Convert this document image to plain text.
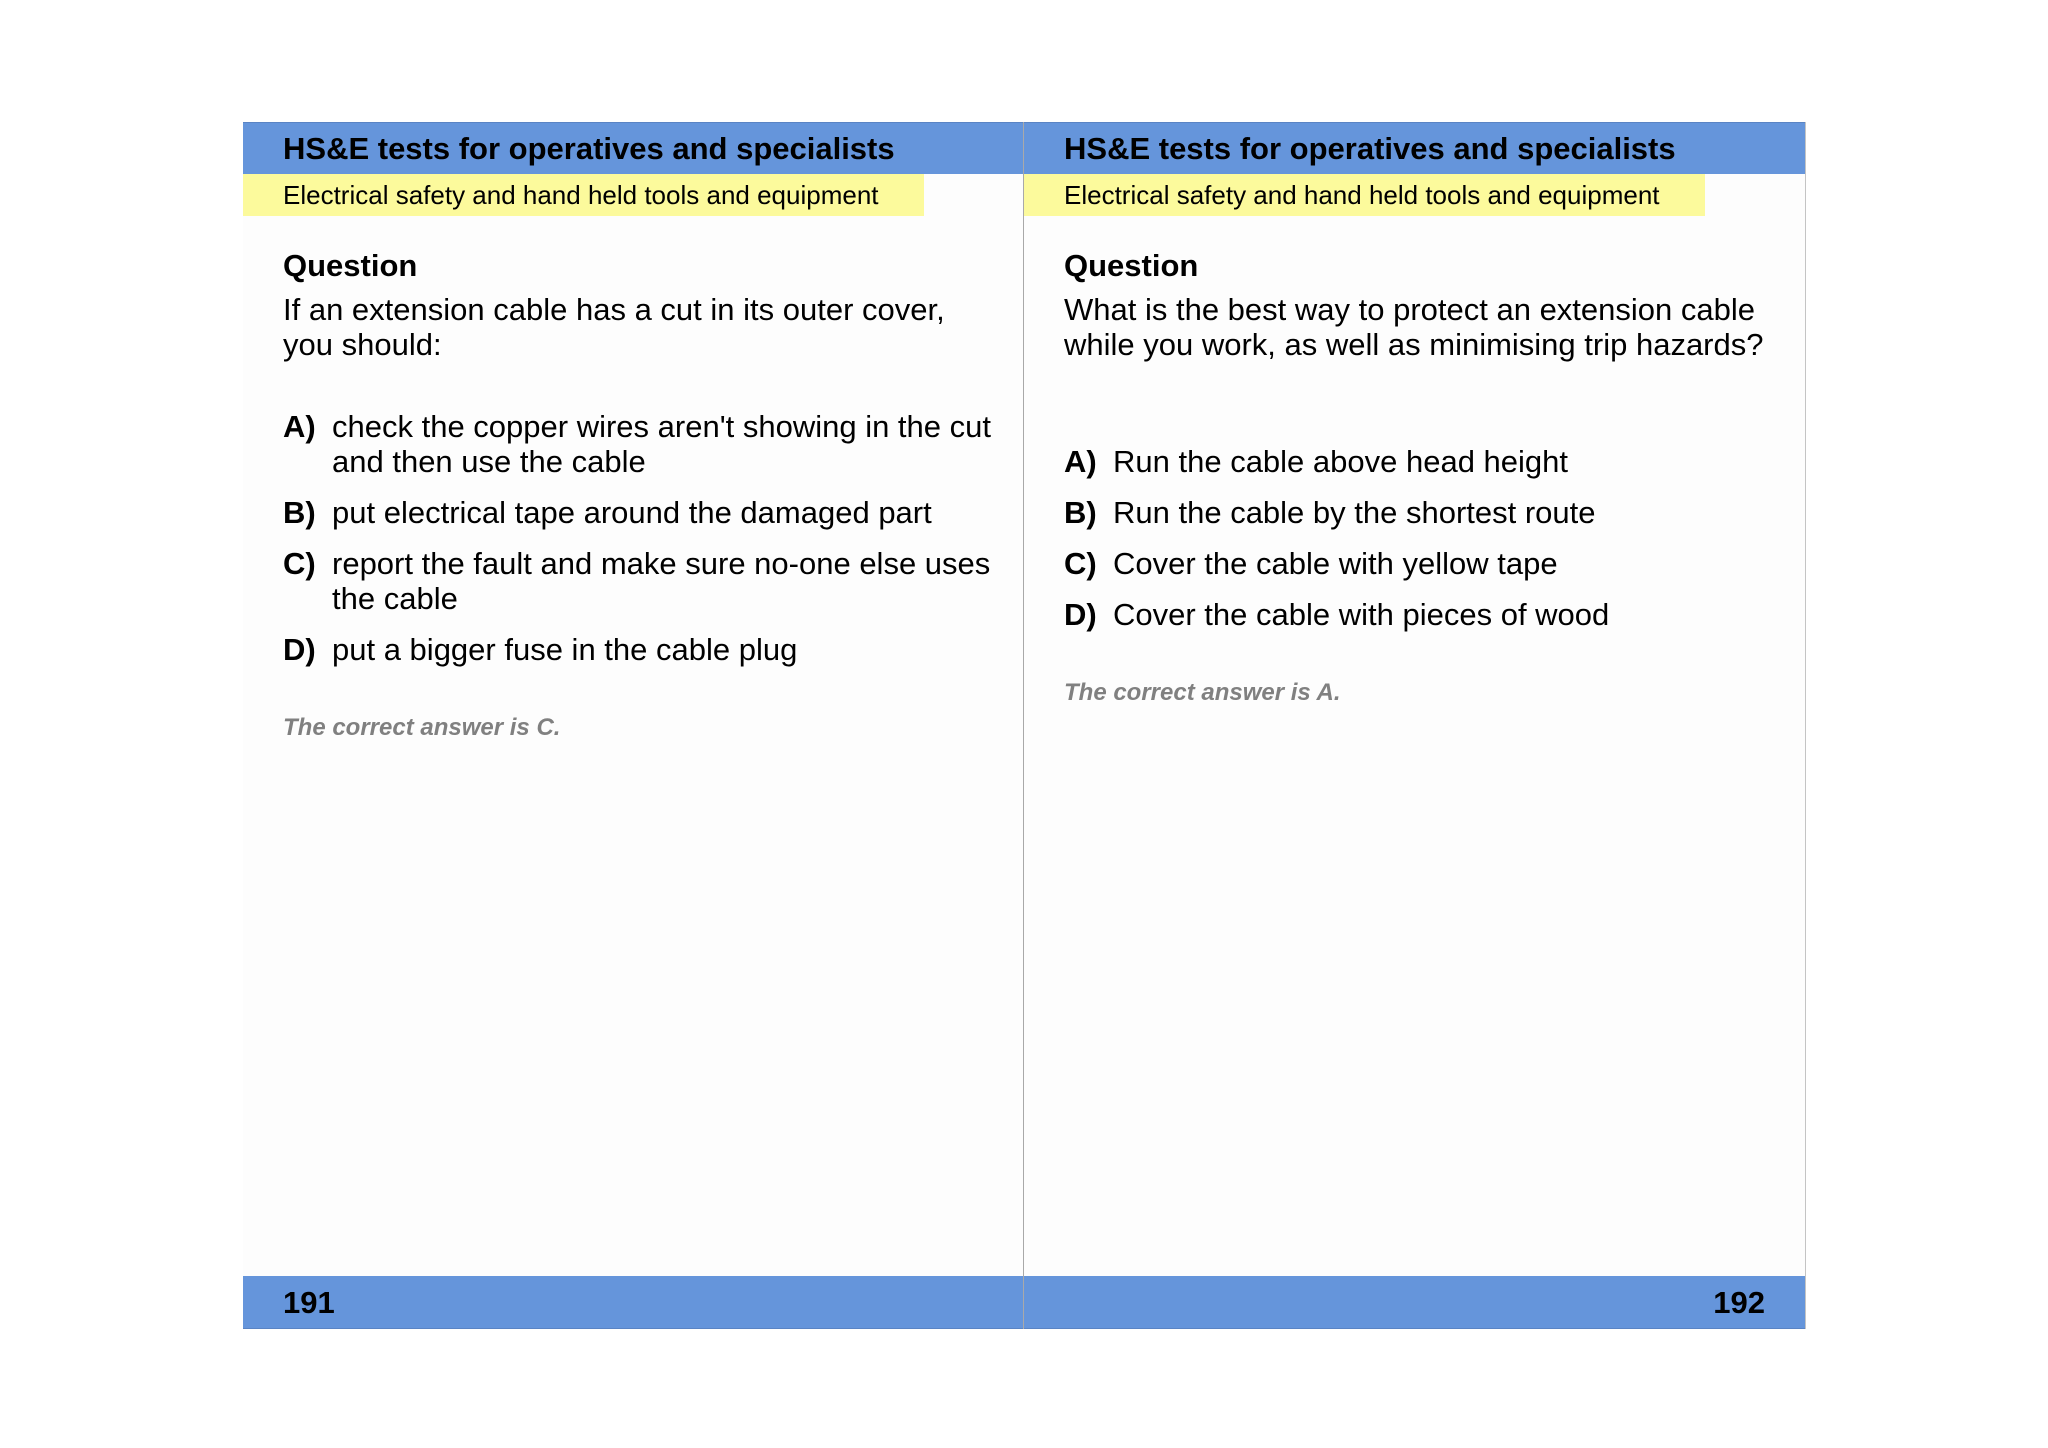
HS&E tests for operatives and specialists
Electrical safety and hand held tools and equipment
Question
If an extension cable has a cut in its outer cover, you should:
A) check the copper wires aren't showing in the cut and then use the cable
B) put electrical tape around the damaged part
C) report the fault and make sure no-one else uses the cable
D) put a bigger fuse in the cable plug
The correct answer is C.
191
HS&E tests for operatives and specialists
Electrical safety and hand held tools and equipment
Question
What is the best way to protect an extension cable while you work, as well as minimising trip hazards?
A) Run the cable above head height
B) Run the cable by the shortest route
C) Cover the cable with yellow tape
D) Cover the cable with pieces of wood
The correct answer is A.
192
